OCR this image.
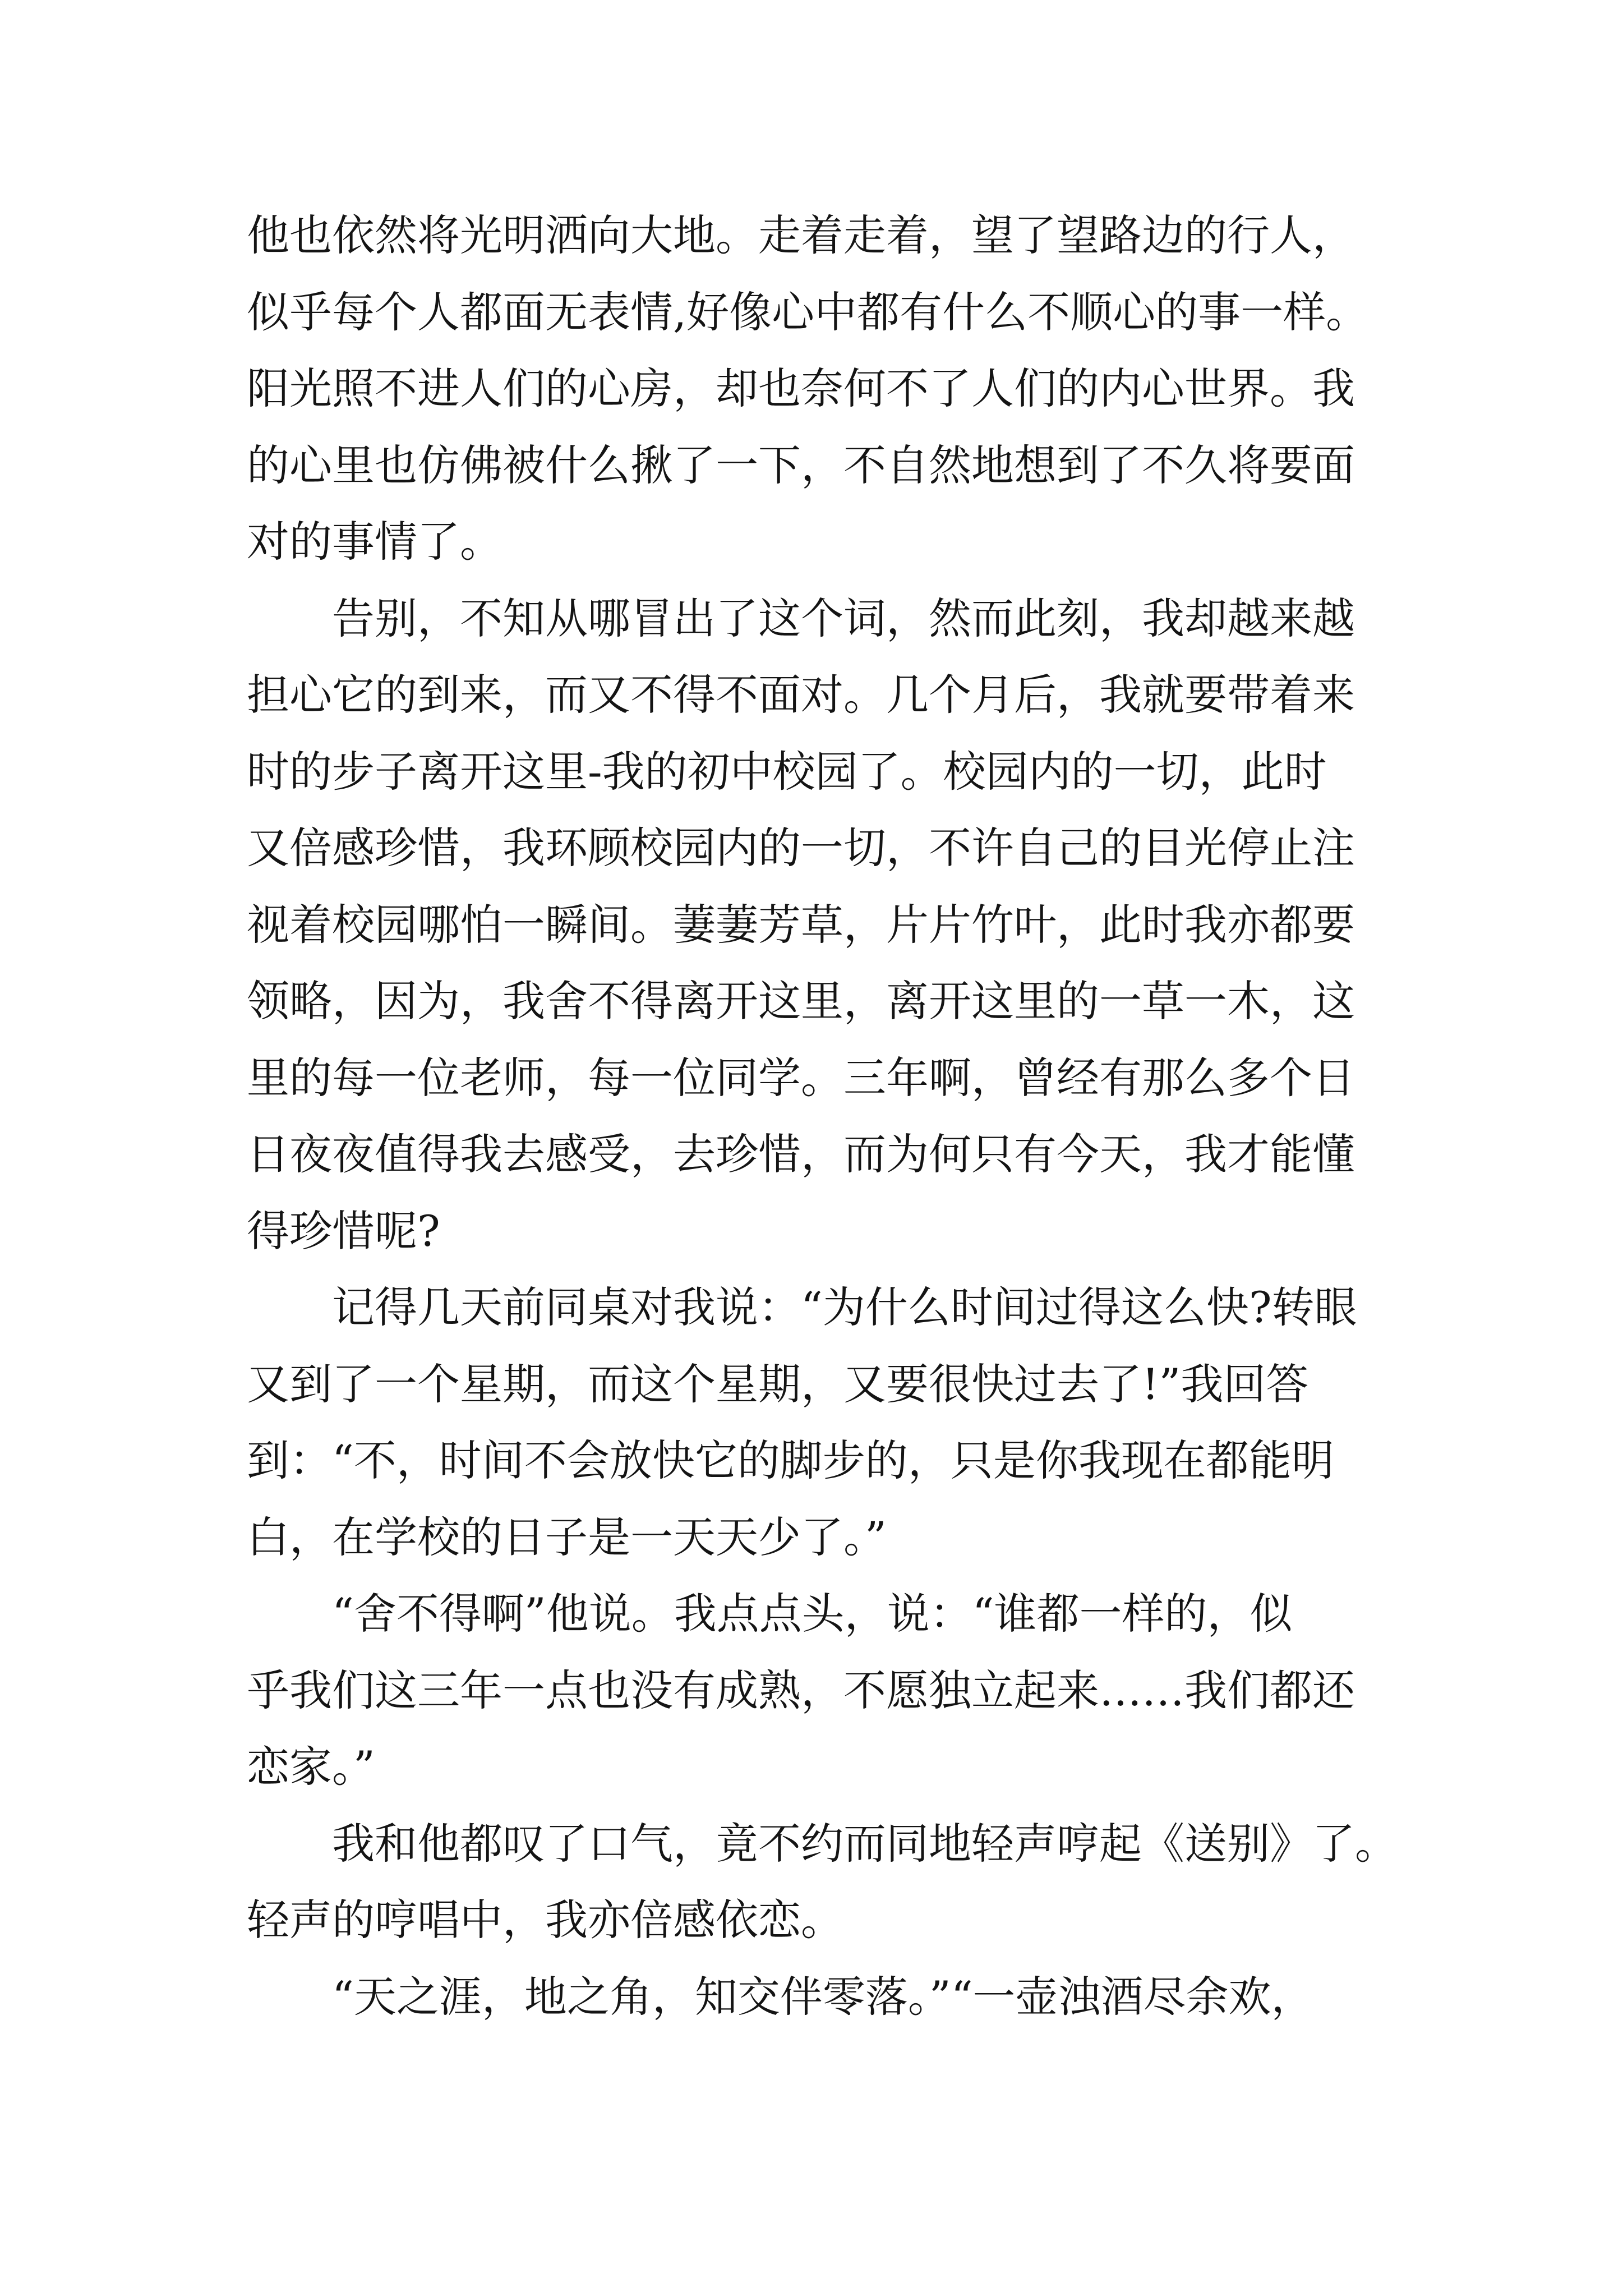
他也依然将光明洒向大地。走着走着，望了望路边的行人，
似乎每个人都面无表情,好像心中都有什么不顺心的事一样。
阳光照不进人们的心房，却也奈何不了人们的内心世界。我
的心里也仿佛被什么揪了一下，不自然地想到了不久将要面
对的事情了。
　　告别，不知从哪冒出了这个词，然而此刻，我却越来越
担心它的到来，而又不得不面对。几个月后，我就要带着来
时的步子离开这里-我的初中校园了。校园内的一切，此时
又倍感珍惜，我环顾校园内的一切，不许自己的目光停止注
视着校园哪怕一瞬间。萋萋芳草，片片竹叶，此时我亦都要
领略，因为，我舍不得离开这里，离开这里的一草一木，这
里的每一位老师，每一位同学。三年啊，曾经有那么多个日
日夜夜值得我去感受，去珍惜，而为何只有今天，我才能懂
得珍惜呢?
　　记得几天前同桌对我说：“为什么时间过得这么快?转眼
又到了一个星期，而这个星期，又要很快过去了!”我回答
到：“不，时间不会放快它的脚步的，只是你我现在都能明
白，在学校的日子是一天天少了。”
　　“舍不得啊”他说。我点点头，说：“谁都一样的，似
乎我们这三年一点也没有成熟，不愿独立起来……我们都还
恋家。”
　　我和他都叹了口气，竟不约而同地轻声哼起《送别》了。
轻声的哼唱中，我亦倍感依恋。
　　“天之涯，地之角，知交伴零落。”“一壶浊酒尽余欢，
